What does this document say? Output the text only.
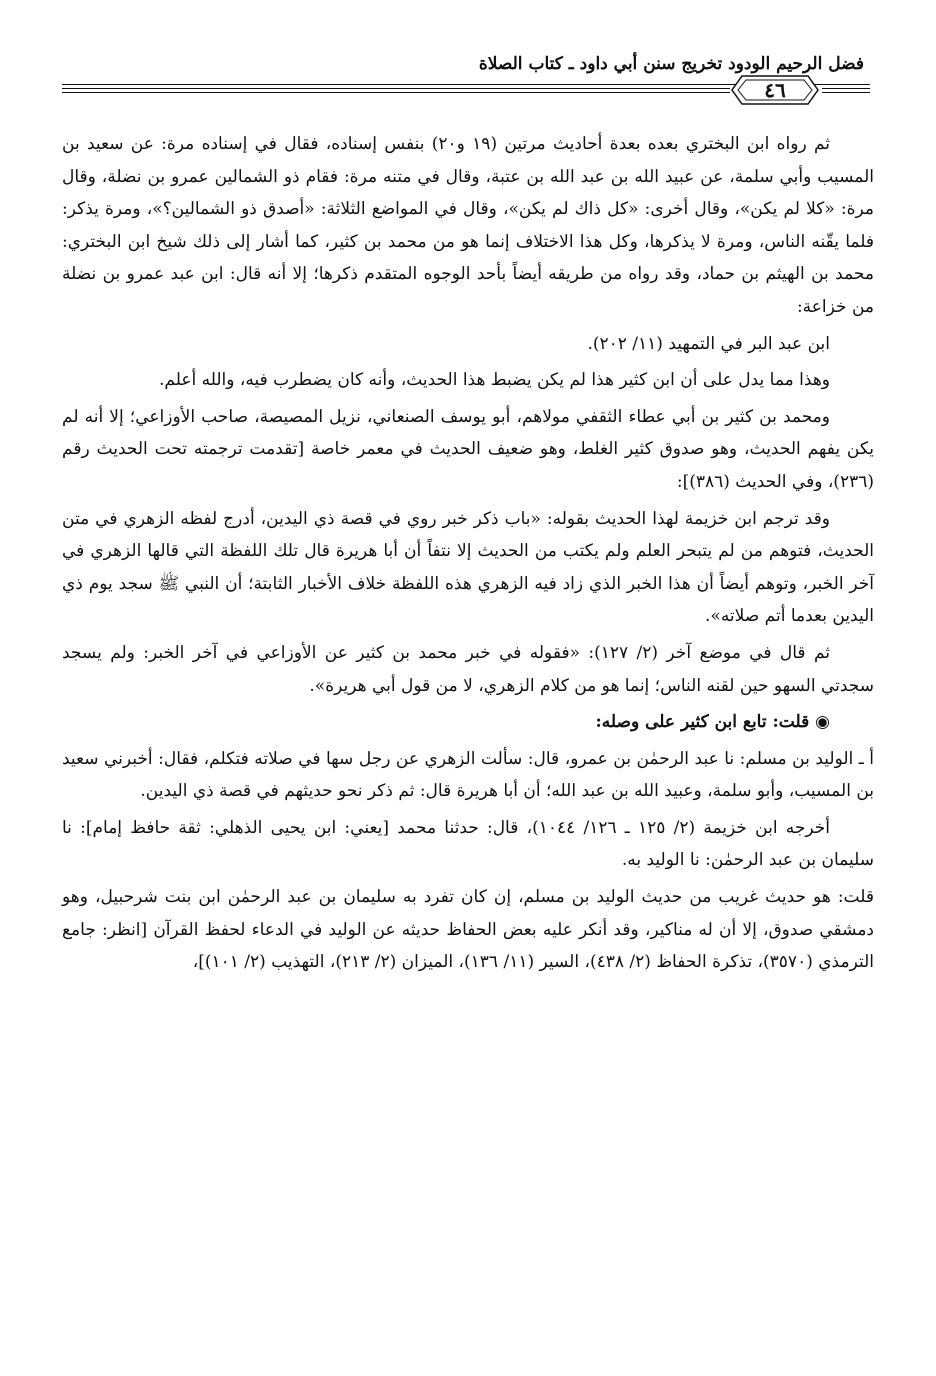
فضل الرحيم الودود تخريج سنن أبي داود ـ كتاب الصلاة
٤٦

ثم رواه ابن البختري بعده بعدة أحاديث مرتين (١٩ و٢٠) بنفس إسناده، فقال في إسناده مرة: عن سعيد بن المسيب وأبي سلمة، عن عبيد الله بن عبد الله بن عتبة، وقال في متنه مرة: فقام ذو الشمالين عمرو بن نضلة، وقال مرة: «كلا لم يكن»، وقال أخرى: «كل ذاك لم يكن»، وقال في المواضع الثلاثة: «أصدق ذو الشمالين؟»، ومرة يذكر: فلما يقّنه الناس، ومرة لا يذكرها، وكل هذا الاختلاف إنما هو من محمد بن كثير، كما أشار إلى ذلك شيخ ابن البختري: محمد بن الهيثم بن حماد، وقد رواه من طريقه أيضاً بأحد الوجوه المتقدم ذكرها؛ إلا أنه قال: ابن عبد عمرو بن نضلة من خزاعة:

ابن عبد البر في التمهيد (١١/ ٢٠٢).

وهذا مما يدل على أن ابن كثير هذا لم يكن يضبط هذا الحديث، وأنه كان يضطرب فيه، والله أعلم.

ومحمد بن كثير بن أبي عطاء الثقفي مولاهم، أبو يوسف الصنعاني، نزيل المصيصة، صاحب الأوزاعي؛ إلا أنه لم يكن يفهم الحديث، وهو صدوق كثير الغلط، وهو ضعيف الحديث في معمر خاصة [تقدمت ترجمته تحت الحديث رقم (٢٣٦)، وفي الحديث (٣٨٦)]:

وقد ترجم ابن خزيمة لهذا الحديث بقوله: «باب ذكر خبر روي في قصة ذي اليدين، أدرج لفظه الزهري في متن الحديث، فتوهم من لم يتبحر العلم ولم يكتب من الحديث إلا نتفاً أن أبا هريرة قال تلك اللفظة التي قالها الزهري في آخر الخبر، وتوهم أيضاً أن هذا الخبر الذي زاد فيه الزهري هذه اللفظة خلاف الأخبار الثابتة؛ أن النبي ﷺ سجد يوم ذي اليدين بعدما أتم صلاته».

ثم قال في موضع آخر (٢/ ١٢٧): «فقوله في خبر محمد بن كثير عن الأوزاعي في آخر الخبر: ولم يسجد سجدتي السهو حين لقنه الناس؛ إنما هو من كلام الزهري، لا من قول أبي هريرة».

◉ قلت: تابع ابن كثير على وصله:

أ ـ الوليد بن مسلم: نا عبد الرحمٰن بن عمرو، قال: سألت الزهري عن رجل سها في صلاته فتكلم، فقال: أخبرني سعيد بن المسيب، وأبو سلمة، وعبيد الله بن عبد الله؛ أن أبا هريرة قال: ثم ذكر نحو حديثهم في قصة ذي اليدين.

أخرجه ابن خزيمة (٢/ ١٢٥ ـ ١٢٦/ ١٠٤٤)، قال: حدثنا محمد [يعني: ابن يحيى الذهلي: ثقة حافظ إمام]: نا سليمان بن عبد الرحمٰن: نا الوليد به.

قلت: هو حديث غريب من حديث الوليد بن مسلم، إن كان تفرد به سليمان بن عبد الرحمٰن ابن بنت شرحبيل، وهو دمشقي صدوق، إلا أن له مناكير، وقد أنكر عليه بعض الحفاظ حديثه عن الوليد في الدعاء لحفظ القرآن [انظر: جامع الترمذي (٣٥٧٠)، تذكرة الحفاظ (٢/ ٤٣٨)، السير (١١/ ١٣٦)، الميزان (٢/ ٢١٣)، التهذيب (٢/ ١٠١)]،
